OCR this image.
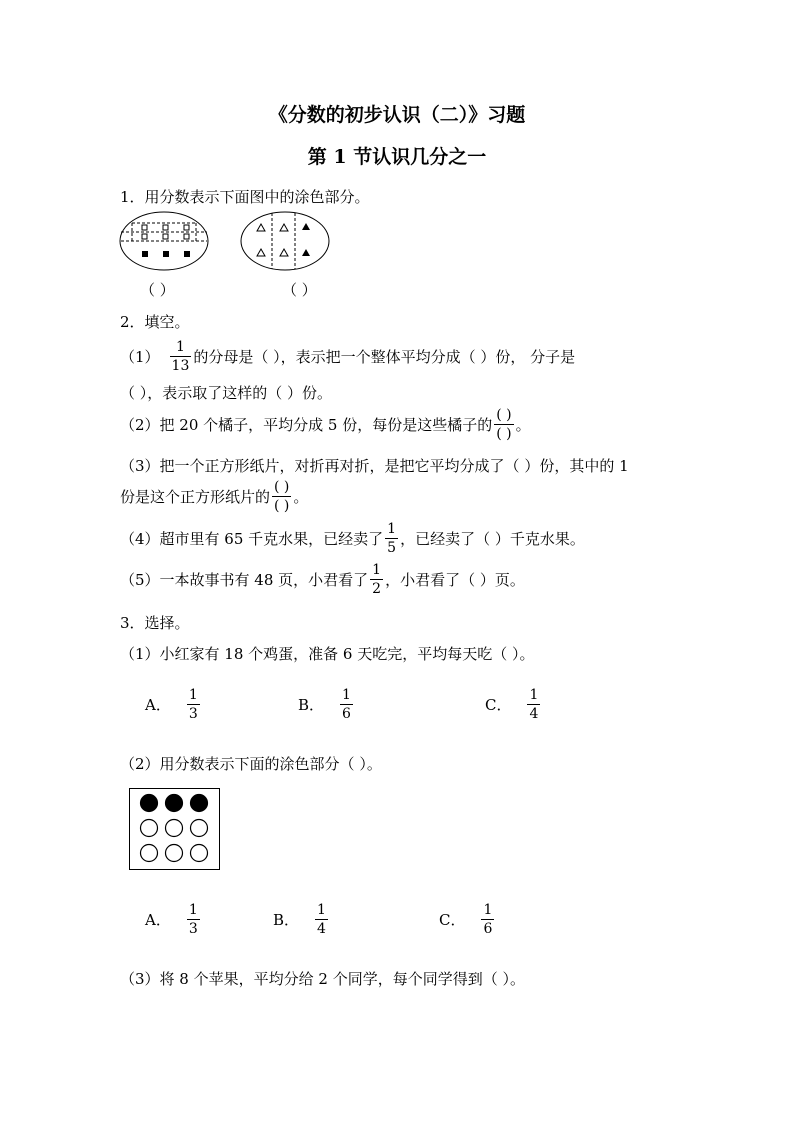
《分数的初步认识（二）》习题
第 1 节认识几分之一
1．用分数表示下面图中的涂色部分。
（ ）	（ ）
2．填空。
$(1) \frac{1}{13}$ 的分母是（ ），表示把一个整体平均分成（ ）份， 分子是
（ ），表示取了这样的（ ）份。
（2）把 20 个橘子，平均分成 5 份，每份是这些橘子的 $\frac{( )}{( )}$ 。
（3）把一个正方形纸片，对折再对折，是把它平均分成了（ ）份，其中的 1
份是这个正方形纸片的 $\frac{( )}{( )}$ 。
（4）超市里有 65 千克水果，已经卖了 $\frac{1}{5}$ ，已经卖了（ ）千克水果。
（5）一本故事书有 48 页，小君看了 $\frac{1}{2}$ ，小君看了（ ）页。
3．选择。
（1）小红家有 18 个鸡蛋，准备 6 天吃完，平均每天吃（ ）。
A． $\frac{1}{3}$	B． $\frac{1}{6}$	C． $\frac{1}{4}$
（2）用分数表示下面的涂色部分（ ）。
A． $\frac{1}{3}$	B． $\frac{1}{4}$	C． $\frac{1}{6}$
（3）将 8 个苹果，平均分给 2 个同学，每个同学得到（ ）。
